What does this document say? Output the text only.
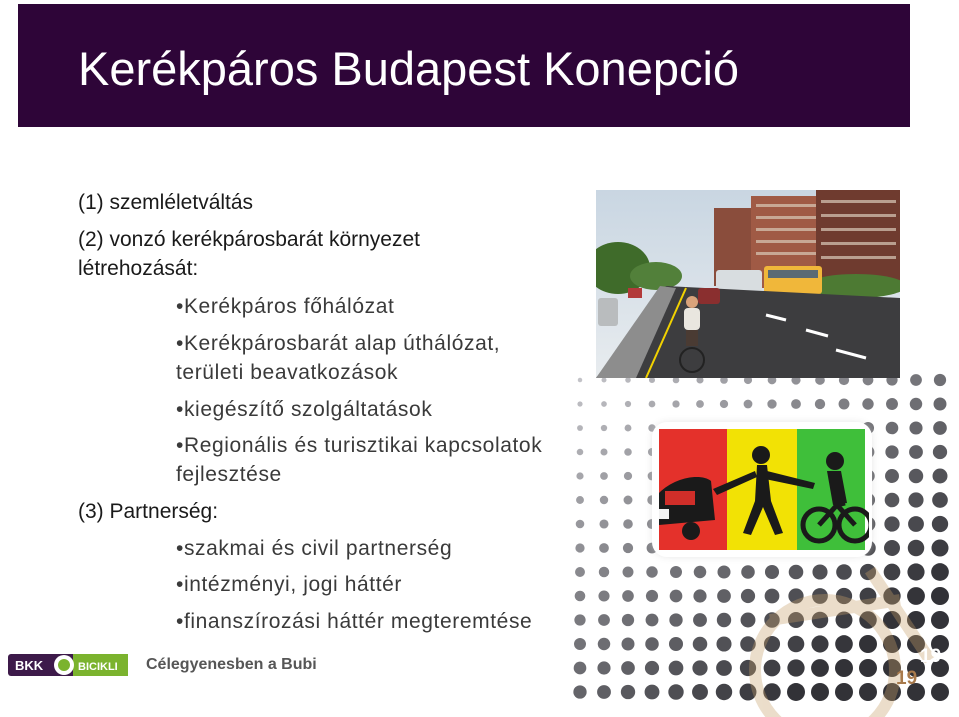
Kerékpáros Budapest Konepció
(1) szemléletváltás
(2) vonzó kerékpárosbarát környezet
létrehozását:
•Kerékpáros főhálózat
•Kerékpárosbarát alap úthálózat,
területi beavatkozások
•kiegészítő szolgáltatások
•Regionális és turisztikai kapcsolatok
fejlesztése
(3) Partnerség:
•szakmai és civil partnerség
•intézményi, jogi háttér
•finanszírozási háttér megteremtése
BKK	BICIKLI Célegyenesben a Bubi	19
19
